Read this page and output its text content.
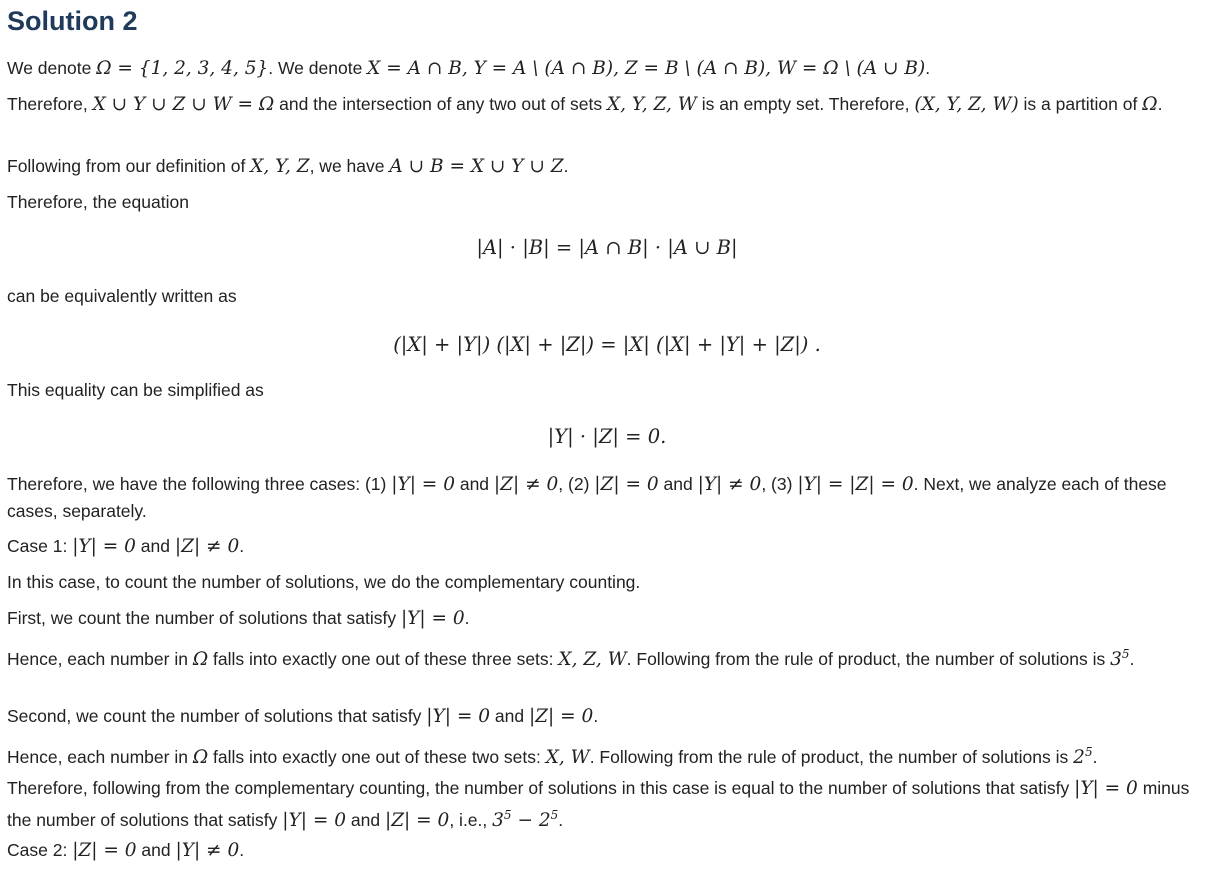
Solution 2

We denote Ω = {1, 2, 3, 4, 5}. We denote X = A ∩ B, Y = A \ (A ∩ B), Z = B \ (A ∩ B), W = Ω \ (A ∪ B).

Therefore, X ∪ Y ∪ Z ∪ W = Ω and the intersection of any two out of sets X, Y, Z, W is an empty set. Therefore, (X, Y, Z, W) is a partition of Ω.

Following from our definition of X, Y, Z, we have A ∪ B = X ∪ Y ∪ Z.

Therefore, the equation

|A| · |B| = |A ∩ B| · |A ∪ B|

can be equivalently written as

(|X| + |Y|) (|X| + |Z|) = |X| (|X| + |Y| + |Z|) .

This equality can be simplified as

|Y| · |Z| = 0.

Therefore, we have the following three cases: (1) |Y| = 0 and |Z| ≠ 0, (2) |Z| = 0 and |Y| ≠ 0, (3) |Y| = |Z| = 0. Next, we analyze each of these cases, separately.

Case 1: |Y| = 0 and |Z| ≠ 0.

In this case, to count the number of solutions, we do the complementary counting.

First, we count the number of solutions that satisfy |Y| = 0.

Hence, each number in Ω falls into exactly one out of these three sets: X, Z, W. Following from the rule of product, the number of solutions is $3^5$.

Second, we count the number of solutions that satisfy |Y| = 0 and |Z| = 0.

Hence, each number in Ω falls into exactly one out of these two sets: X, W. Following from the rule of product, the number of solutions is $2^5$.

Therefore, following from the complementary counting, the number of solutions in this case is equal to the number of solutions that satisfy |Y| = 0 minus the number of solutions that satisfy |Y| = 0 and |Z| = 0, i.e., $3^5 - 2^5$.

Case 2: |Z| = 0 and |Y| ≠ 0.
